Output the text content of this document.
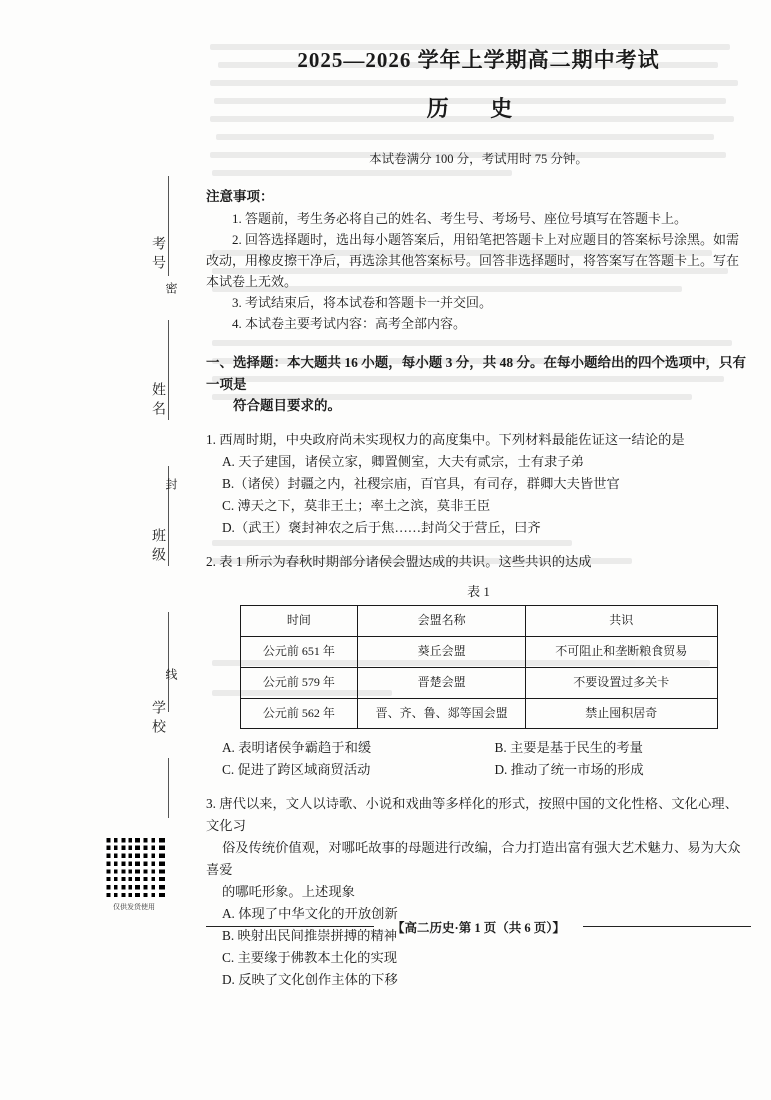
考号
姓名
班级
学校
密
封
线
仅供发货使用
2025—2026 学年上学期高二期中考试
历 史
本试卷满分 100 分，考试用时 75 分钟。
注意事项：

1. 答题前，考生务必将自己的姓名、考生号、考场号、座位号填写在答题卡上。

2. 回答选择题时，选出每小题答案后，用铅笔把答题卡上对应题目的答案标号涂黑。如需改动，用橡皮擦干净后，再选涂其他答案标号。回答非选择题时，将答案写在答题卡上。写在本试卷上无效。

3. 考试结束后，将本试卷和答题卡一并交回。

4. 本试卷主要考试内容：高考全部内容。

一、选择题：本大题共 16 小题，每小题 3 分，共 48 分。在每小题给出的四个选项中，只有一项是
符合题目要求的。

1. 西周时期，中央政府尚未实现权力的高度集中。下列材料最能佐证这一结论的是

A. 天子建国，诸侯立家，卿置侧室，大夫有贰宗，士有隶子弟

B.（诸侯）封疆之内，社稷宗庙，百官具，有司存，群卿大夫皆世官

C. 溥天之下，莫非王土；率土之滨，莫非王臣

D.（武王）褒封神农之后于焦……封尚父于营丘，曰齐

2. 表 1 所示为春秋时期部分诸侯会盟达成的共识。这些共识的达成

表 1
时间	会盟名称	共识
公元前 651 年	葵丘会盟	不可阻止和垄断粮食贸易
公元前 579 年	晋楚会盟	不要设置过多关卡
公元前 562 年	晋、齐、鲁、郯等国会盟	禁止囤积居奇
A. 表明诸侯争霸趋于和缓	B. 主要是基于民生的考量
C. 促进了跨区域商贸活动	D. 推动了统一市场的形成

3. 唐代以来，文人以诗歌、小说和戏曲等多样化的形式，按照中国的文化性格、文化心理、文化习
俗及传统价值观，对哪吒故事的母题进行改编，合力打造出富有强大艺术魅力、易为大众喜爱
的哪吒形象。上述现象

A. 体现了中华文化的开放创新

B. 映射出民间推崇拼搏的精神

C. 主要缘于佛教本土化的实现

D. 反映了文化创作主体的下移

【高二历史·第 1 页（共 6 页）】
